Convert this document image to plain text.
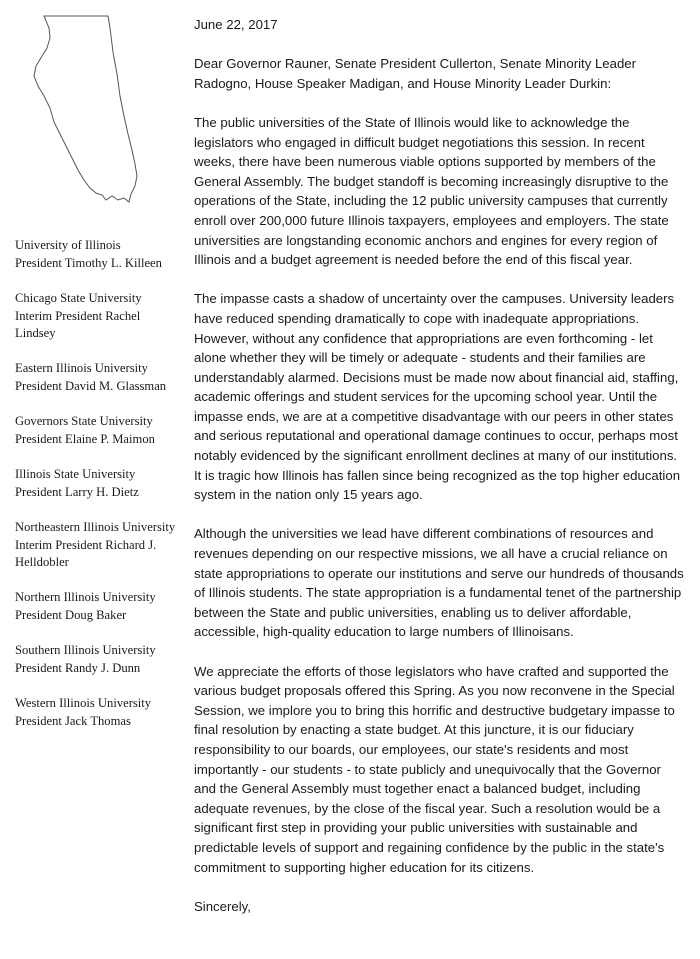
University of Illinois
President Timothy L. Killeen
Chicago State University
Interim President Rachel
Lindsey
Eastern Illinois University
President David M. Glassman
Governors State University
President Elaine P. Maimon
Illinois State University
President Larry H. Dietz
Northeastern Illinois University
Interim President Richard J.
Helldobler
Northern Illinois University
President Doug Baker
Southern Illinois University
President Randy J. Dunn
Western Illinois University
President Jack Thomas

June 22, 2017

Dear Governor Rauner, Senate President Cullerton, Senate Minority Leader Radogno, House Speaker Madigan, and House Minority Leader Durkin:

The public universities of the State of Illinois would like to acknowledge the legislators who engaged in difficult budget negotiations this session. In recent weeks, there have been numerous viable options supported by members of the General Assembly. The budget standoff is becoming increasingly disruptive to the operations of the State, including the 12 public university campuses that currently enroll over 200,000 future Illinois taxpayers, employees and employers. The state universities are longstanding economic anchors and engines for every region of Illinois and a budget agreement is needed before the end of this fiscal year.

The impasse casts a shadow of uncertainty over the campuses. University leaders have reduced spending dramatically to cope with inadequate appropriations. However, without any confidence that appropriations are even forthcoming - let alone whether they will be timely or adequate - students and their families are understandably alarmed. Decisions must be made now about financial aid, staffing, academic offerings and student services for the upcoming school year. Until the impasse ends, we are at a competitive disadvantage with our peers in other states and serious reputational and operational damage continues to occur, perhaps most notably evidenced by the significant enrollment declines at many of our institutions. It is tragic how Illinois has fallen since being recognized as the top higher education system in the nation only 15 years ago.

Although the universities we lead have different combinations of resources and revenues depending on our respective missions, we all have a crucial reliance on state appropriations to operate our institutions and serve our hundreds of thousands of Illinois students. The state appropriation is a fundamental tenet of the partnership between the State and public universities, enabling us to deliver affordable, accessible, high-quality education to large numbers of Illinoisans.

We appreciate the efforts of those legislators who have crafted and supported the various budget proposals offered this Spring. As you now reconvene in the Special Session, we implore you to bring this horrific and destructive budgetary impasse to final resolution by enacting a state budget. At this juncture, it is our fiduciary responsibility to our boards, our employees, our state's residents and most importantly - our students - to state publicly and unequivocally that the Governor and the General Assembly must together enact a balanced budget, including adequate revenues, by the close of the fiscal year. Such a resolution would be a significant first step in providing your public universities with sustainable and predictable levels of support and regaining confidence by the public in the state's commitment to supporting higher education for its citizens.

Sincerely,
